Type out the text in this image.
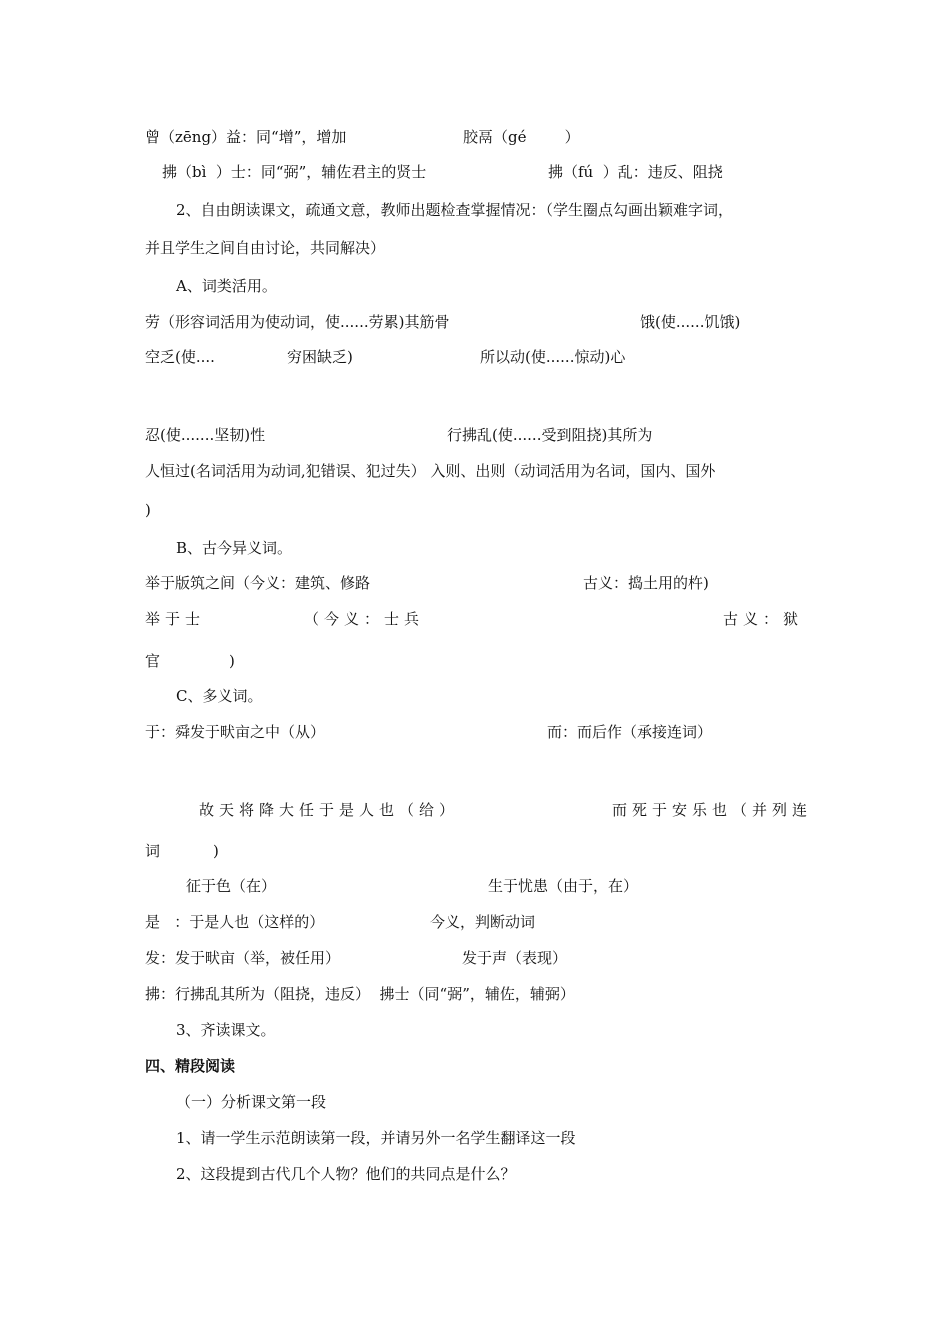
曾（zēng）益：同“增”，增加	胶鬲（gé        ）
拂（bì  ）士：同“弼”，辅佐君主的贤士	拂（fú  ）乱：违反、阻挠
2、自由朗读课文，疏通文意，教师出题检查掌握情况：（学生圈点勾画出颖难字词，
并且学生之间自由讨论，共同解决）
A、词类活用。
劳（形容词活用为使动词，使......劳累)其筋骨	饿(使......饥饿)
空乏(使....	穷困缺乏)	所以动(使......惊动)心
忍(使.......坚韧)性	行拂乱(使......受到阻挠)其所为
人恒过(名词活用为动词,犯错误、犯过失） 入则、出则（动词活用为名词，国内、国外
)
B、古今异义词。
举于版筑之间（今义：建筑、修路	古义：捣土用的杵)
举于士	（今义：士兵	古义：狱
官	)
C、多义词。
于：舜发于畎亩之中（从）	而：而后作（承接连词）
故天将降大任于是人也（给）	而死于安乐也（并列连
词	)
征于色（在）	生于忧患（由于，在）
是   ：于是人也（这样的）	今义，判断动词
发：发于畎亩（举，被任用）	发于声（表现）
拂：行拂乱其所为（阻挠，违反）  拂士（同“弼”，辅佐，辅弼）
3、齐读课文。
四、精段阅读
（一）分析课文第一段
1、请一学生示范朗读第一段，并请另外一名学生翻译这一段
2、这段提到古代几个人物？他们的共同点是什么？
